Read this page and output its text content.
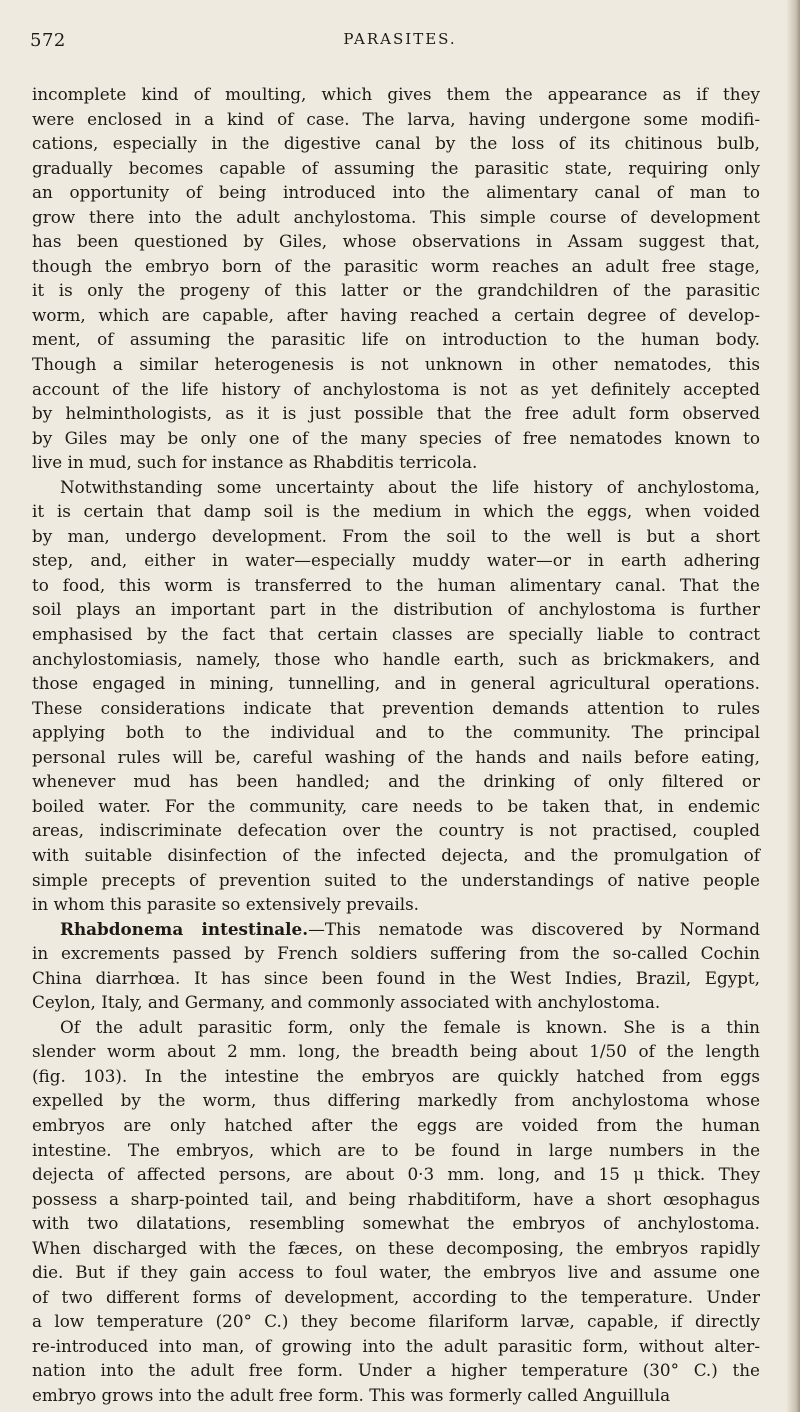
572	PARASITES.
incomplete kind of moulting, which gives them the appearance as if they
were enclosed in a kind of case. The larva, having undergone some modifi-
cations, especially in the digestive canal by the loss of its chitinous bulb,
gradually becomes capable of assuming the parasitic state, requiring only
an opportunity of being introduced into the alimentary canal of man to
grow there into the adult anchylostoma. This simple course of development
has been questioned by Giles, whose observations in Assam suggest that,
though the embryo born of the parasitic worm reaches an adult free stage,
it is only the progeny of this latter or the grandchildren of the parasitic
worm, which are capable, after having reached a certain degree of develop-
ment, of assuming the parasitic life on introduction to the human body.
Though a similar heterogenesis is not unknown in other nematodes, this
account of the life history of anchylostoma is not as yet definitely accepted
by helminthologists, as it is just possible that the free adult form observed
by Giles may be only one of the many species of free nematodes known to
live in mud, such for instance as Rhabditis terricola.
Notwithstanding some uncertainty about the life history of anchylostoma,
it is certain that damp soil is the medium in which the eggs, when voided
by man, undergo development. From the soil to the well is but a short
step, and, either in water—especially muddy water—or in earth adhering
to food, this worm is transferred to the human alimentary canal. That the
soil plays an important part in the distribution of anchylostoma is further
emphasised by the fact that certain classes are specially liable to contract
anchylostomiasis, namely, those who handle earth, such as brickmakers, and
those engaged in mining, tunnelling, and in general agricultural operations.
These considerations indicate that prevention demands attention to rules
applying both to the individual and to the community. The principal
personal rules will be, careful washing of the hands and nails before eating,
whenever mud has been handled; and the drinking of only filtered or
boiled water. For the community, care needs to be taken that, in endemic
areas, indiscriminate defecation over the country is not practised, coupled
with suitable disinfection of the infected dejecta, and the promulgation of
simple precepts of prevention suited to the understandings of native people
in whom this parasite so extensively prevails.
Rhabdonema intestinale.—This nematode was discovered by Normand
in excrements passed by French soldiers suffering from the so-called Cochin
China diarrhœa. It has since been found in the West Indies, Brazil, Egypt,
Ceylon, Italy, and Germany, and commonly associated with anchylostoma.
Of the adult parasitic form, only the female is known. She is a thin
slender worm about 2 mm. long, the breadth being about 1/50 of the length
(fig. 103). In the intestine the embryos are quickly hatched from eggs
expelled by the worm, thus differing markedly from anchylostoma whose
embryos are only hatched after the eggs are voided from the human
intestine. The embryos, which are to be found in large numbers in the
dejecta of affected persons, are about 0·3 mm. long, and 15 μ thick. They
possess a sharp-pointed tail, and being rhabditiform, have a short œsophagus
with two dilatations, resembling somewhat the embryos of anchylostoma.
When discharged with the fæces, on these decomposing, the embryos rapidly
die. But if they gain access to foul water, the embryos live and assume one
of two different forms of development, according to the temperature. Under
a low temperature (20° C.) they become filariform larvæ, capable, if directly
re-introduced into man, of growing into the adult parasitic form, without alter-
nation into the adult free form. Under a higher temperature (30° C.) the
embryo grows into the adult free form. This was formerly called Anguillula
